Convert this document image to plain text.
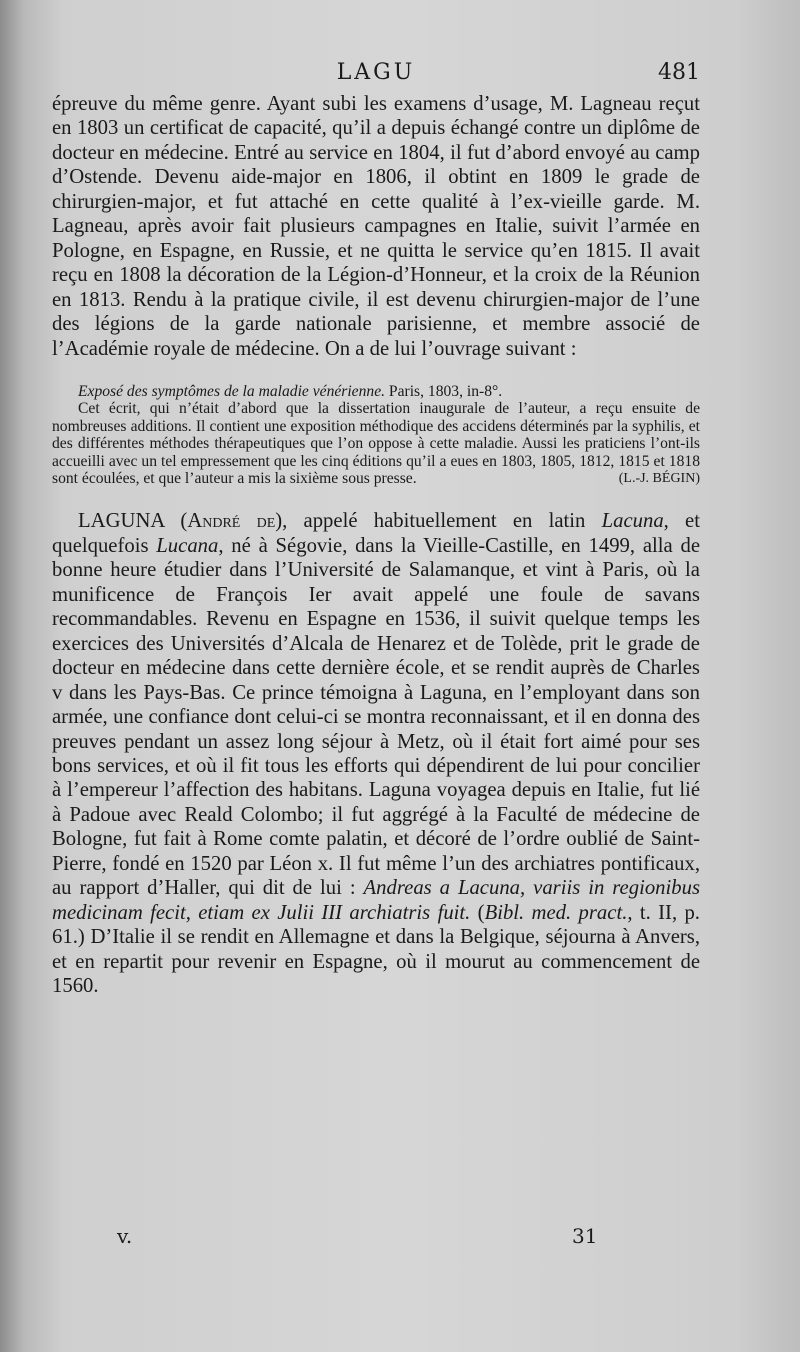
LAGU	481

épreuve du même genre. Ayant subi les examens d’usage, M. Lagneau reçut en 1803 un certificat de capacité, qu’il a depuis échangé contre un diplôme de docteur en médecine. Entré au service en 1804, il fut d’abord envoyé au camp d’Ostende. Devenu aide-major en 1806, il obtint en 1809 le grade de chirurgien-major, et fut attaché en cette qualité à l’ex-vieille garde. M. Lagneau, après avoir fait plusieurs campagnes en Italie, suivit l’armée en Pologne, en Espagne, en Russie, et ne quitta le service qu’en 1815. Il avait reçu en 1808 la décoration de la Légion-d’Honneur, et la croix de la Réunion en 1813. Rendu à la pratique civile, il est devenu chirurgien-major de l’une des légions de la garde nationale parisienne, et membre associé de l’Académie royale de médecine. On a de lui l’ouvrage suivant :

Exposé des symptômes de la maladie vénérienne. Paris, 1803, in-8°.

Cet écrit, qui n’était d’abord que la dissertation inaugurale de l’auteur, a reçu ensuite de nombreuses additions. Il contient une exposition méthodique des accidens déterminés par la syphilis, et des différentes méthodes thérapeutiques que l’on oppose à cette maladie. Aussi les praticiens l’ont-ils accueilli avec un tel empressement que les cinq éditions qu’il a eues en 1803, 1805, 1812, 1815 et 1818 sont écoulées, et que l’auteur a mis la sixième sous presse.	(L.-J. BÉGIN)

LAGUNA (André de), appelé habituellement en latin Lacuna, et quelquefois Lucana, né à Ségovie, dans la Vieille-Castille, en 1499, alla de bonne heure étudier dans l’Université de Salamanque, et vint à Paris, où la munificence de François Ier avait appelé une foule de savans recommandables. Revenu en Espagne en 1536, il suivit quelque temps les exercices des Universités d’Alcala de Henarez et de Tolède, prit le grade de docteur en médecine dans cette dernière école, et se rendit auprès de Charles v dans les Pays-Bas. Ce prince témoigna à Laguna, en l’employant dans son armée, une confiance dont celui-ci se montra reconnaissant, et il en donna des preuves pendant un assez long séjour à Metz, où il était fort aimé pour ses bons services, et où il fit tous les efforts qui dépendirent de lui pour concilier à l’empereur l’affection des habitans. Laguna voyagea depuis en Italie, fut lié à Padoue avec Reald Colombo; il fut aggrégé à la Faculté de médecine de Bologne, fut fait à Rome comte palatin, et décoré de l’ordre oublié de Saint-Pierre, fondé en 1520 par Léon x. Il fut même l’un des archiatres pontificaux, au rapport d’Haller, qui dit de lui : Andreas a Lacuna, variis in regionibus medicinam fecit, etiam ex Julii III archiatris fuit. (Bibl. med. pract., t. II, p. 61.) D’Italie il se rendit en Allemagne et dans la Belgique, séjourna à Anvers, et en repartit pour revenir en Espagne, où il mourut au commencement de 1560.

v.	31
